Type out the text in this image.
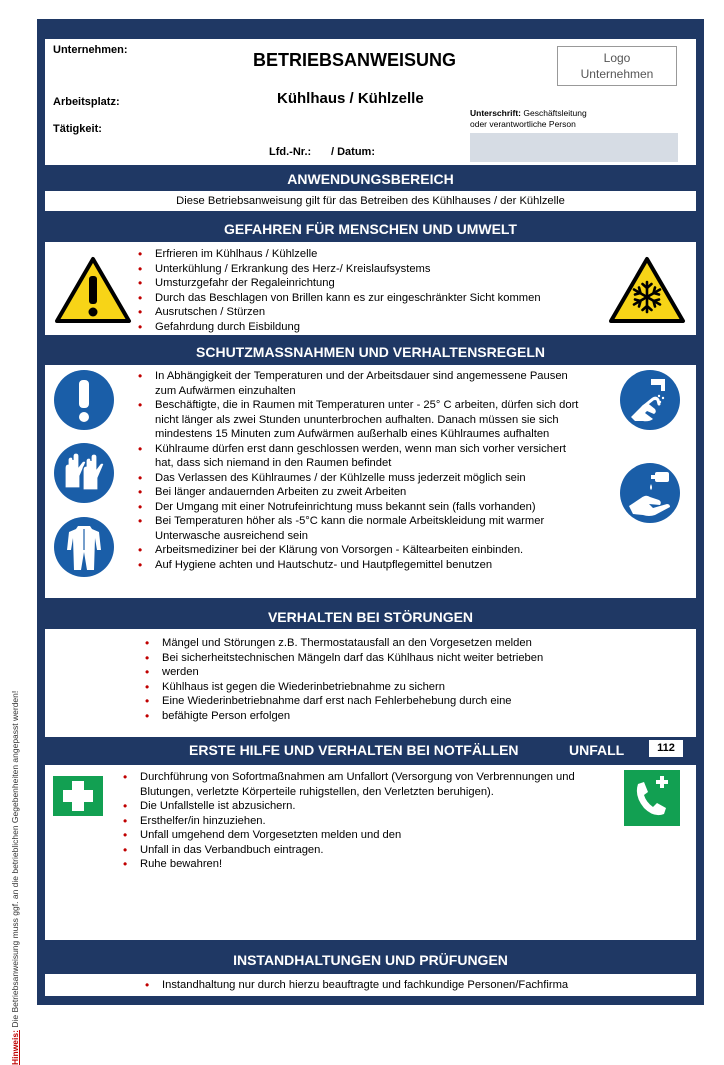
Hinweis: Die Betriebsanweisung muss ggf. an die betrieblichen Gegebenheiten angepasst werden!
Unternehmen:	BETRIEBSANWEISUNG	Logo
Unternehmen
Kühlhaus / Kühlzelle
Arbeitsplatz:
Unterschrift: Geschäftsleitung
oder verantwortliche Person
Tätigkeit:
Lfd.-Nr.: / Datum:
ANWENDUNGSBEREICH
Diese Betriebsanweisung gilt für das Betreiben des Kühlhauses / der Kühlzelle
GEFAHREN FÜR MENSCHEN UND UMWELT
• Erfrieren im Kühlhaus / Kühlzelle
• Unterkühlung / Erkrankung des Herz-/ Kreislaufsystems
• Umsturzgefahr der Regaleinrichtung
• Durch das Beschlagen von Brillen kann es zur eingeschränkter Sicht kommen
• Ausrutschen / Stürzen
• Gefahrdung durch Eisbildung
SCHUTZMASSNAHMEN UND VERHALTENSREGELN
• In Abhängigkeit der Temperaturen und der Arbeitsdauer sind angemessene Pausen zum Aufwärmen einzuhalten
• Beschäftigte, die in Raumen mit Temperaturen unter - 25° C arbeiten, dürfen sich dort nicht länger als zwei Stunden ununterbrochen aufhalten. Danach müssen sie sich mindestens 15 Minuten zum Aufwärmen außerhalb eines Kühlraumes aufhalten
• Kühlraume dürfen erst dann geschlossen werden, wenn man sich vorher versichert hat, dass sich niemand in den Raumen befindet
• Das Verlassen des Kühlraumes / der Kühlzelle muss jederzeit möglich sein
• Bei länger andauernden Arbeiten zu zweit Arbeiten
• Der Umgang mit einer Notrufeinrichtung muss bekannt sein (falls vorhanden)
• Bei Temperaturen höher als -5°C kann die normale Arbeitskleidung mit warmer Unterwasche ausreichend sein
• Arbeitsmediziner bei der Klärung von Vorsorgen - Kältearbeiten einbinden.
• Auf Hygiene achten und Hautschutz- und Hautpflegemittel benutzen
VERHALTEN BEI STÖRUNGEN
• Mängel und Störungen z.B. Thermostatausfall an den Vorgesetzen melden
• Bei sicherheitstechnischen Mängeln darf das Kühlhaus nicht weiter betrieben
• werden
• Kühlhaus ist gegen die Wiederinbetriebnahme zu sichern
• Eine Wiederinbetriebnahme darf erst nach Fehlerbehebung durch eine
• befähigte Person erfolgen
ERSTE HILFE UND VERHALTEN BEI NOTFÄLLEN	UNFALL	112
• Durchführung von Sofortmaßnahmen am Unfallort (Versorgung von Verbrennungen und Blutungen, verletzte Körperteile ruhigstellen, den Verletzten beruhigen).
• Die Unfallstelle ist abzusichern.
• Ersthelfer/in hinzuziehen.
• Unfall umgehend dem Vorgesetzten melden und den
• Unfall in das Verbandbuch eintragen.
• Ruhe bewahren!
INSTANDHALTUNGEN UND PRÜFUNGEN
• Instandhaltung nur durch hierzu beauftragte und fachkundige Personen/Fachfirma
